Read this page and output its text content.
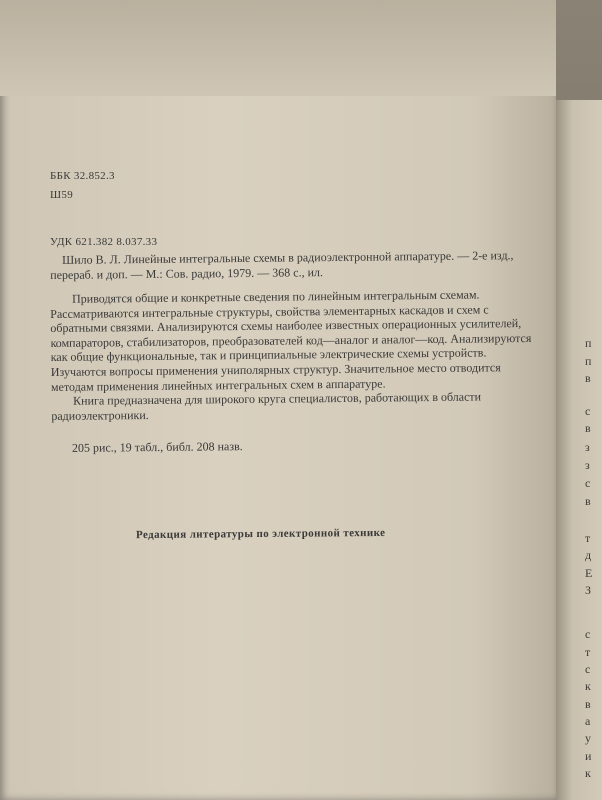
ББК 32.852.3
Ш59
УДК 621.382 8.037.33

Шило В. Л. Линейные интегральные схемы в радиоэлектронной аппаратуре. — 2-е изд., перераб. и доп. — М.: Сов. радио, 1979. — 368 с., ил.

Приводятся общие и конкретные сведения по линейным интегральным схемам. Рассматриваются интегральные структуры, свойства элементарных каскадов и схем с обратными связями. Анализируются схемы наиболее известных операционных усилителей, компараторов, стабилизаторов, преобразователей код—аналог и аналог—код. Анализируются как общие функциональные, так и принципиальные электрические схемы устройств. Изучаются вопросы применения униполярных структур. Значительное место отводится методам применения линейных интегральных схем в аппаратуре.

Книга предназначена для широкого круга специалистов, работающих в области радиоэлектроники.

205 рис., 19 табл., библ. 208 назв.
Редакция литературы по электронной технике
п
п
в
с
в
з
з
с
в
т
д
Е
З
с
т
с
к
в
а
у
и
к
